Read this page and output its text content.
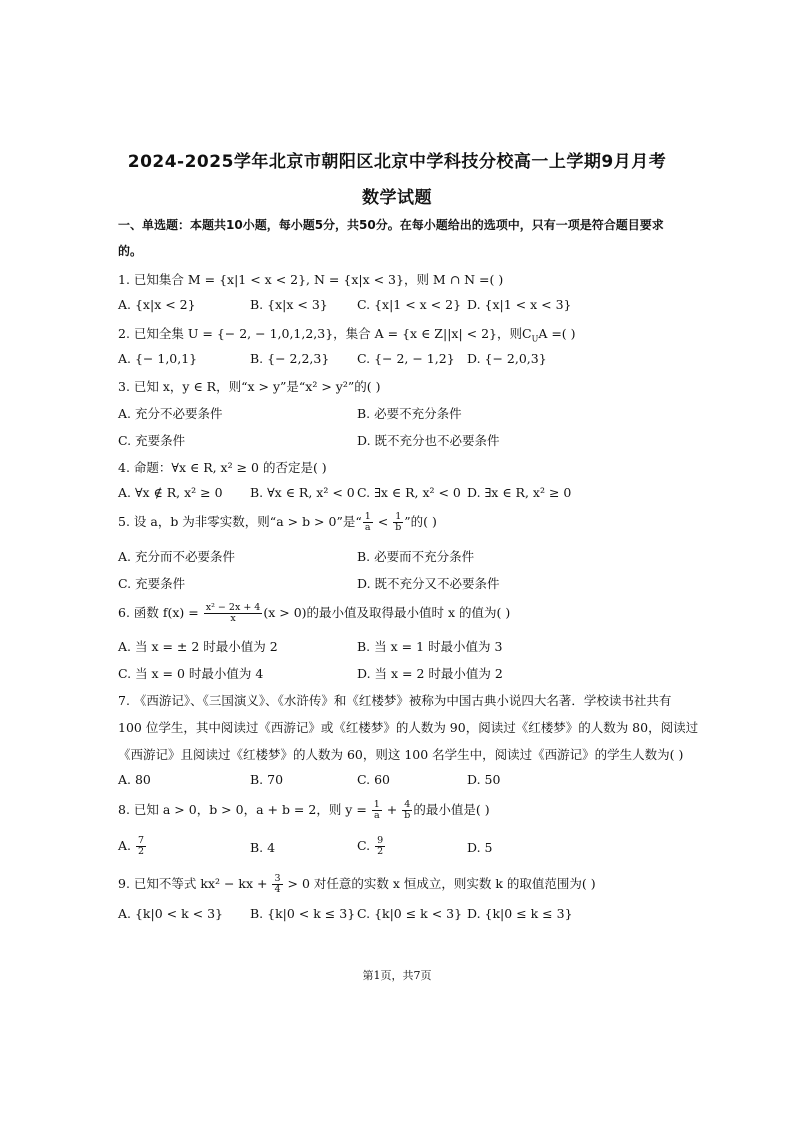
2024-2025学年北京市朝阳区北京中学科技分校高一上学期9月月考
数学试题
一、单选题：本题共10小题，每小题5分，共50分。在每小题给出的选项中，只有一项是符合题目要求
的。
1. 已知集合 M = {x|1 < x < 2}, N = {x|x < 3}，则 M ∩ N =( )
A. {x|x < 2}	B. {x|x < 3} C. {x|1 < x < 2} D. {x|1 < x < 3}
2. 已知全集 U = {− 2, − 1,0,1,2,3}，集合 A = {x ∈ Z||x| < 2}，则$C_UA$ =( )
A. {− 1,0,1}	B. {− 2,2,3} C. {− 2, − 1,2} D. {− 2,0,3}
3. 已知 x，y ∈ R，则“x > y”是“x² > y²”的( )
A. 充分不必要条件	B. 必要不充分条件
C. 充要条件	D. 既不充分也不必要条件
4. 命题：∀x ∈ R, x² ≥ 0 的否定是( )
A. ∀x ∉ R, x² ≥ 0 B. ∀x ∈ R, x² < 0 C. ∃x ∈ R, x² < 0 D. ∃x ∈ R, x² ≥ 0
5. 设 a，b 为非零实数，则“a > b > 0”是“ $\frac{1}{a} < \frac{1}{b}$ ”的( )
A. 充分而不必要条件	B. 必要而不充分条件
C. 充要条件	D. 既不充分又不必要条件
6. 函数 $f(x) = \frac{\text{x² − 2x + 4}}{x} (x > 0)$的最小值及取得最小值时 x 的值为( )
A. 当 x = ± 2 时最小值为 2	B. 当 x = 1 时最小值为 3
C. 当 x = 0 时最小值为 4	D. 当 x = 2 时最小值为 2
7. 《西游记》、《三国演义》、《水浒传》和《红楼梦》被称为中国古典小说四大名著．学校读书社共有
100 位学生，其中阅读过《西游记》或《红楼梦》的人数为 90，阅读过《红楼梦》的人数为 80，阅读过
《西游记》且阅读过《红楼梦》的人数为 60，则这 100 名学生中，阅读过《西游记》的学生人数为( )
A. 80	B. 70	C. 60	D. 50
8. 已知 a > 0，b > 0，a + b = 2，则 $y = \frac{1}{a} + \frac{4}{b}$ 的最小值是( )
A. $\frac{7}{2}$	B. 4	C. $\frac{9}{2}$	D. 5
9. 已知不等式 kx² − kx + $\frac{3}{4} > 0$ 对任意的实数 x 恒成立，则实数 k 的取值范围为( )
A. {k|0 < k < 3} B. {k|0 < k ≤ 3} C. {k|0 ≤ k < 3} D. {k|0 ≤ k ≤ 3}
第1页，共7页
